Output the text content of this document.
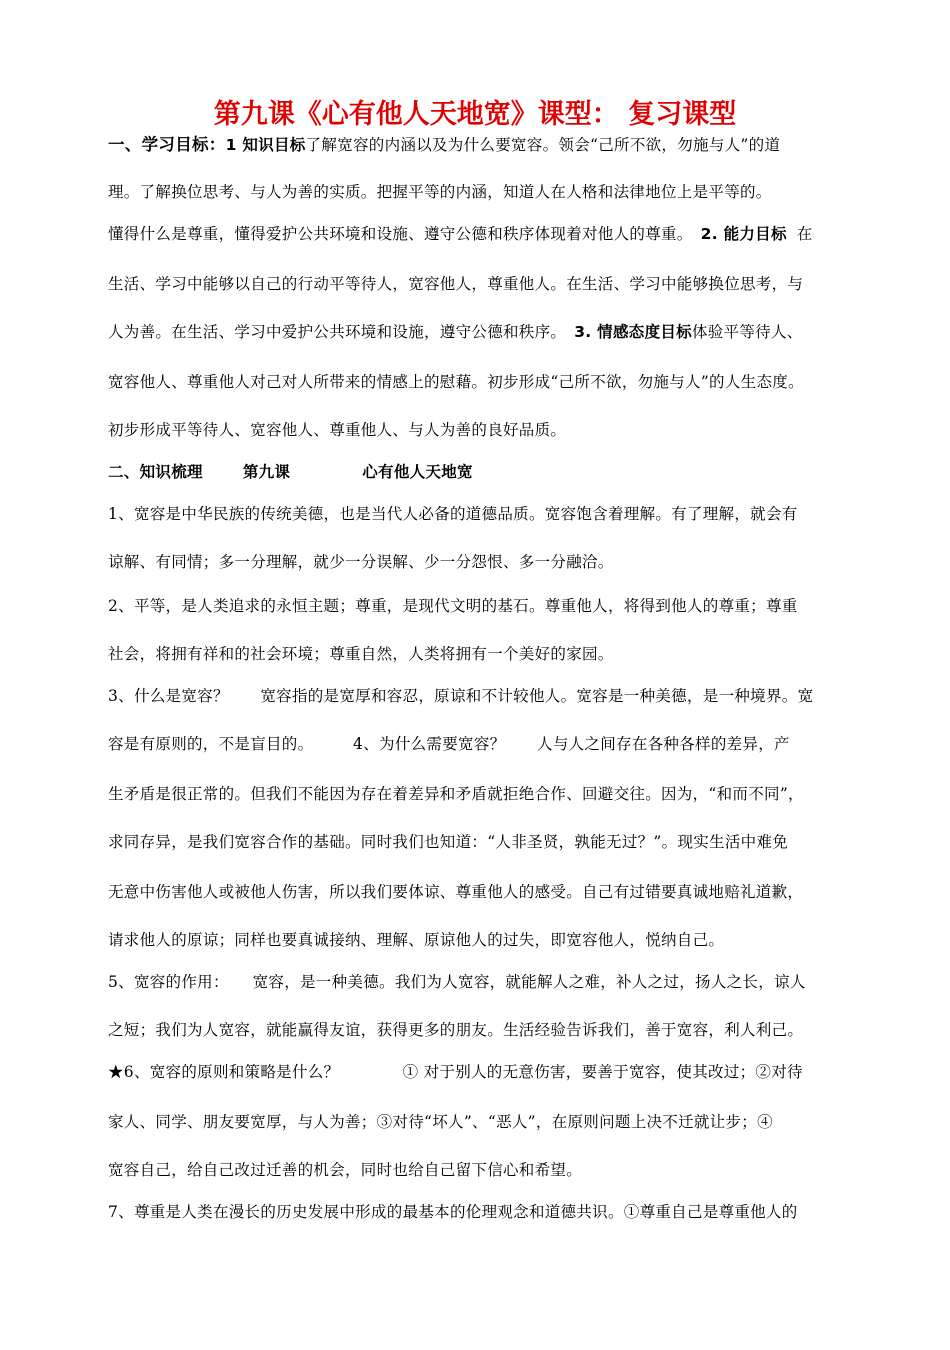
第九课《心有他人天地宽》课型： 复习课型
一、学习目标：1 知识目标了解宽容的内涵以及为什么要宽容。领会“己所不欲，勿施与人”的道
理。了解换位思考、与人为善的实质。把握平等的内涵，知道人在人格和法律地位上是平等的。
懂得什么是尊重，懂得爱护公共环境和设施、遵守公德和秩序体现着对他人的尊重。 2. 能力目标 在
生活、学习中能够以自己的行动平等待人，宽容他人，尊重他人。在生活、学习中能够换位思考，与
人为善。在生活、学习中爱护公共环境和设施，遵守公德和秩序。 3. 情感态度目标体验平等待人、
宽容他人、尊重他人对己对人所带来的情感上的慰藉。初步形成“己所不欲，勿施与人”的人生态度。
初步形成平等待人、宽容他人、尊重他人、与人为善的良好品质。
二、知识梳理	第九课	心有他人天地宽
1、宽容是中华民族的传统美德，也是当代人必备的道德品质。宽容饱含着理解。有了理解，就会有
谅解、有同情；多一分理解，就少一分误解、少一分怨恨、多一分融洽。
2、平等，是人类追求的永恒主题；尊重，是现代文明的基石。尊重他人，将得到他人的尊重；尊重
社会，将拥有祥和的社会环境；尊重自然，人类将拥有一个美好的家园。
3、什么是宽容？　　宽容指的是宽厚和容忍，原谅和不计较他人。宽容是一种美德，是一种境界。宽
容是有原则的，不是盲目的。　　　4、为什么需要宽容？　　人与人之间存在各种各样的差异，产
生矛盾是很正常的。但我们不能因为存在着差异和矛盾就拒绝合作、回避交往。因为，“和而不同”，
求同存异，是我们宽容合作的基础。同时我们也知道：“人非圣贤，孰能无过？”。现实生活中难免
无意中伤害他人或被他人伤害，所以我们要体谅、尊重他人的感受。自己有过错要真诚地赔礼道歉，
请求他人的原谅；同样也要真诚接纳、理解、原谅他人的过失，即宽容他人，悦纳自己。
5、宽容的作用：　　宽容，是一种美德。我们为人宽容，就能解人之难，补人之过，扬人之长，谅人
之短；我们为人宽容，就能赢得友谊，获得更多的朋友。生活经验告诉我们，善于宽容，利人利己。
★6、宽容的原则和策略是什么？　　　　① 对于别人的无意伤害，要善于宽容，使其改过；②对待
家人、同学、朋友要宽厚，与人为善；③对待“坏人”、“恶人”，在原则问题上决不迁就让步；④
宽容自己，给自己改过迁善的机会，同时也给自己留下信心和希望。
7、尊重是人类在漫长的历史发展中形成的最基本的伦理观念和道德共识。①尊重自己是尊重他人的
